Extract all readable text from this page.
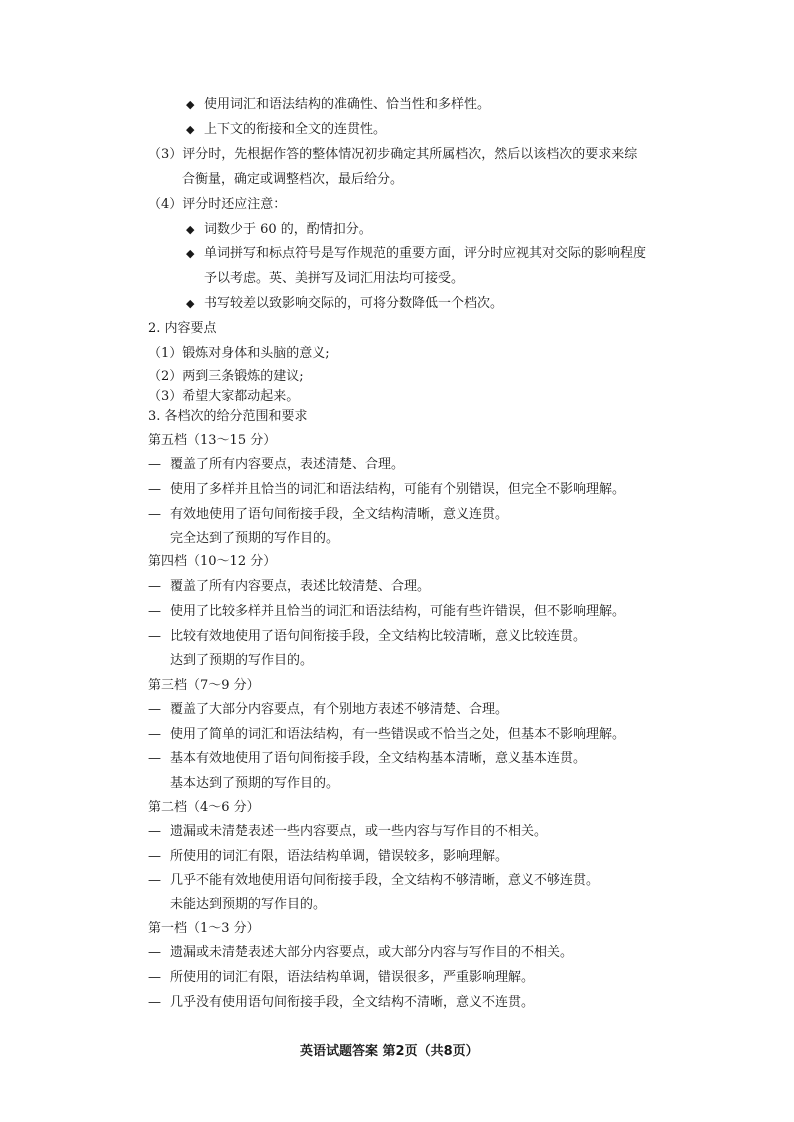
◆ 使用词汇和语法结构的准确性、恰当性和多样性。
◆ 上下文的衔接和全文的连贯性。
（3）评分时，先根据作答的整体情况初步确定其所属档次，然后以该档次的要求来综
合衡量，确定或调整档次，最后给分。
（4）评分时还应注意：
◆ 词数少于 60 的，酌情扣分。
◆ 单词拼写和标点符号是写作规范的重要方面，评分时应视其对交际的影响程度
予以考虑。英、美拼写及词汇用法均可接受。
◆ 书写较差以致影响交际的，可将分数降低一个档次。
2. 内容要点
（1）锻炼对身体和头脑的意义;
（2）两到三条锻炼的建议;
（3）希望大家都动起来。
3. 各档次的给分范围和要求
第五档（13～15 分）
— 覆盖了所有内容要点，表述清楚、合理。
— 使用了多样并且恰当的词汇和语法结构，可能有个别错误，但完全不影响理解。
— 有效地使用了语句间衔接手段，全文结构清晰，意义连贯。
完全达到了预期的写作目的。
第四档（10～12 分）
— 覆盖了所有内容要点，表述比较清楚、合理。
— 使用了比较多样并且恰当的词汇和语法结构，可能有些许错误，但不影响理解。
— 比较有效地使用了语句间衔接手段，全文结构比较清晰，意义比较连贯。
达到了预期的写作目的。
第三档（7～9 分）
— 覆盖了大部分内容要点，有个别地方表述不够清楚、合理。
— 使用了简单的词汇和语法结构，有一些错误或不恰当之处，但基本不影响理解。
— 基本有效地使用了语句间衔接手段，全文结构基本清晰，意义基本连贯。
基本达到了预期的写作目的。
第二档（4～6 分）
— 遗漏或未清楚表述一些内容要点，或一些内容与写作目的不相关。
— 所使用的词汇有限，语法结构单调，错误较多，影响理解。
— 几乎不能有效地使用语句间衔接手段，全文结构不够清晰，意义不够连贯。
未能达到预期的写作目的。
第一档（1～3 分）
— 遗漏或未清楚表述大部分内容要点，或大部分内容与写作目的不相关。
— 所使用的词汇有限，语法结构单调，错误很多，严重影响理解。
— 几乎没有使用语句间衔接手段，全文结构不清晰，意义不连贯。
英语试题答案 第2页（共8页）
